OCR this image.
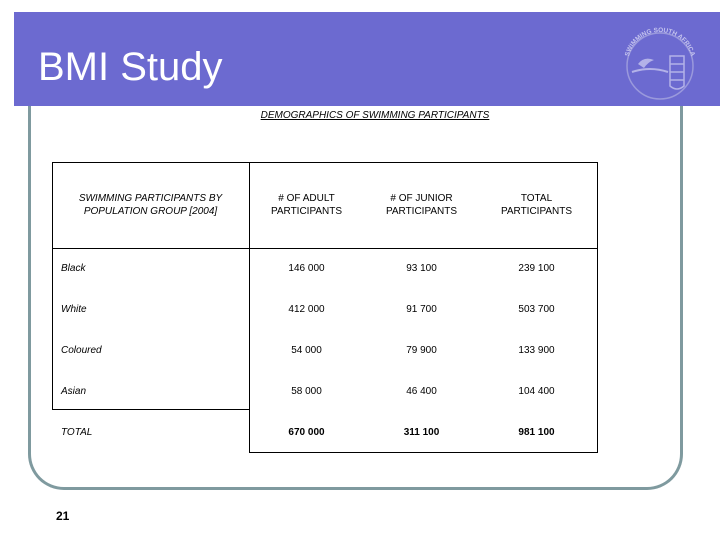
BMI Study	SWIMMING SOUTH AFRICA
DEMOGRAPHICS OF SWIMMING PARTICIPANTS
SWIMMING PARTICIPANTS BY POPULATION GROUP [2004]	# OF ADULT PARTICIPANTS	# OF JUNIOR PARTICIPANTS	TOTAL PARTICIPANTS
Black	146 000	93 100	239 100
White	412 000	91 700	503 700
Coloured	54 000	79 900	133 900
Asian	58 000	46 400	104 400
TOTAL	670 000	311 100	981 100
21
